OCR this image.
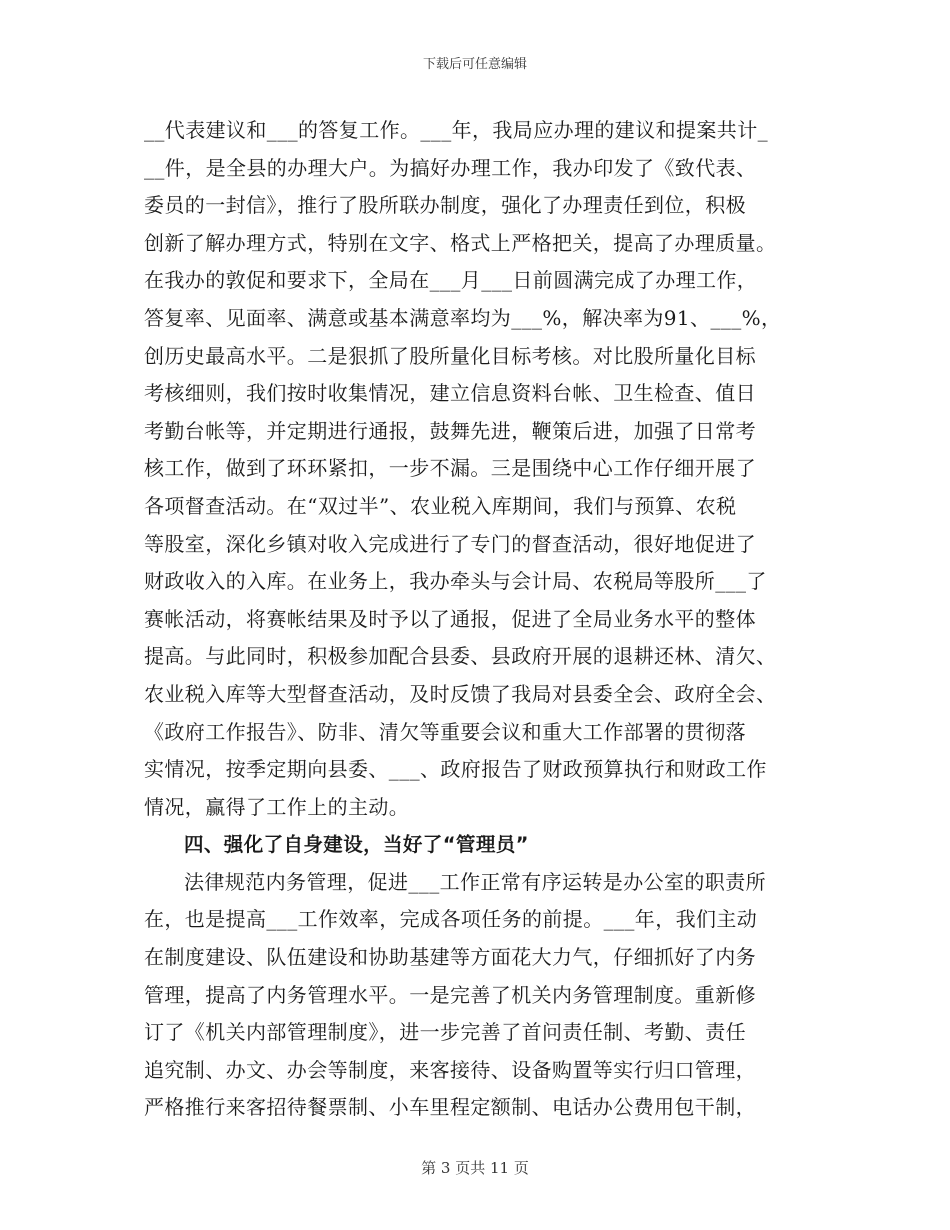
下载后可任意编辑
__代表建议和___的答复工作。___年，我局应办理的建议和提案共计_
__件，是全县的办理大户。为搞好办理工作，我办印发了《致代表、
委员的一封信》，推行了股所联办制度，强化了办理责任到位，积极
创新了解办理方式，特别在文字、格式上严格把关，提高了办理质量。
在我办的敦促和要求下，全局在___月___日前圆满完成了办理工作，
答复率、见面率、满意或基本满意率均为___%，解决率为91、___%，
创历史最高水平。二是狠抓了股所量化目标考核。对比股所量化目标
考核细则，我们按时收集情况，建立信息资料台帐、卫生检查、值日
考勤台帐等，并定期进行通报，鼓舞先进，鞭策后进，加强了日常考
核工作，做到了环环紧扣，一步不漏。三是围绕中心工作仔细开展了
各项督查活动。在“双过半”、农业税入库期间，我们与预算、农税
等股室，深化乡镇对收入完成进行了专门的督查活动，很好地促进了
财政收入的入库。在业务上，我办牵头与会计局、农税局等股所___了
赛帐活动，将赛帐结果及时予以了通报，促进了全局业务水平的整体
提高。与此同时，积极参加配合县委、县政府开展的退耕还林、清欠、
农业税入库等大型督查活动，及时反馈了我局对县委全会、政府全会、
《政府工作报告》、防非、清欠等重要会议和重大工作部署的贯彻落
实情况，按季定期向县委、___、政府报告了财政预算执行和财政工作
情况，赢得了工作上的主动。
四、强化了自身建设，当好了“管理员”
法律规范内务管理，促进___工作正常有序运转是办公室的职责所
在，也是提高___工作效率，完成各项任务的前提。___年，我们主动
在制度建设、队伍建设和协助基建等方面花大力气，仔细抓好了内务
管理，提高了内务管理水平。一是完善了机关内务管理制度。重新修
订了《机关内部管理制度》，进一步完善了首问责任制、考勤、责任
追究制、办文、办会等制度，来客接待、设备购置等实行归口管理，
严格推行来客招待餐票制、小车里程定额制、电话办公费用包干制，
第 3 页共 11 页
